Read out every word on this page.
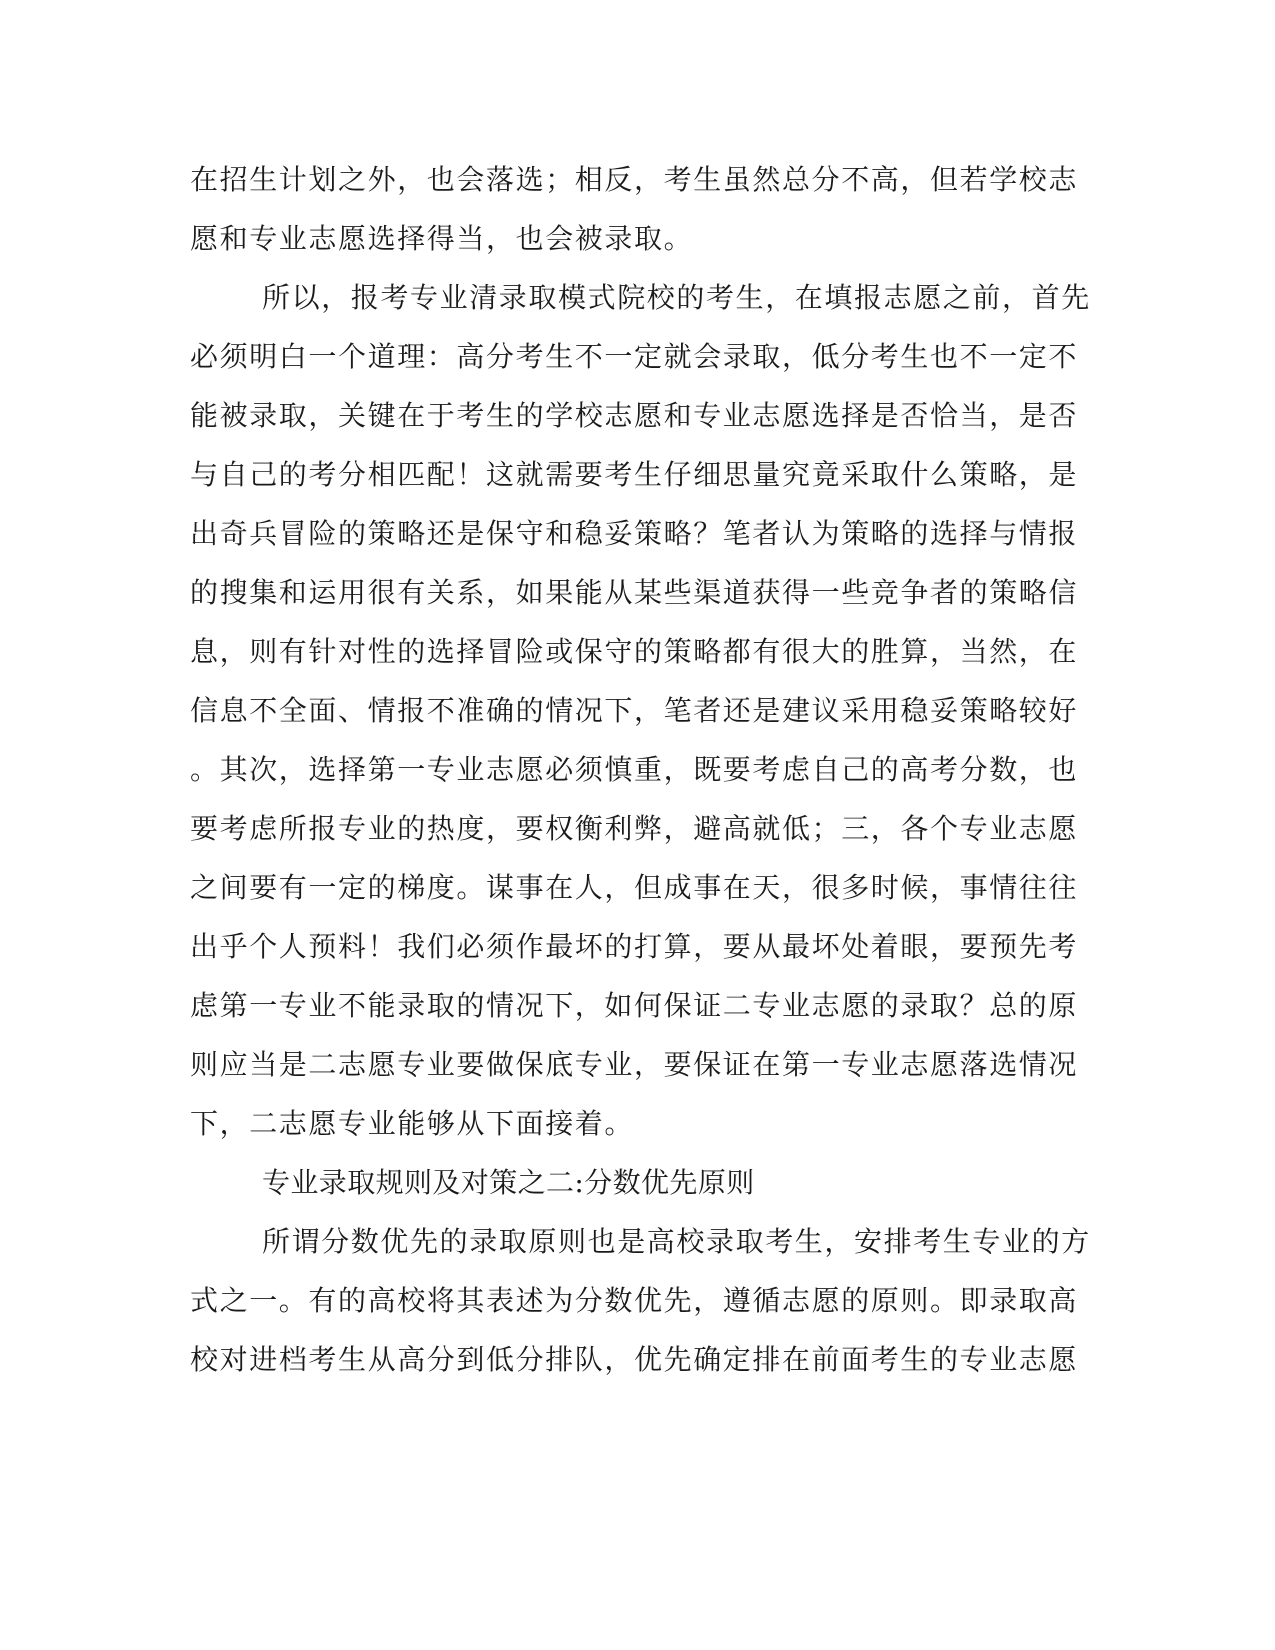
在招生计划之外，也会落选；相反，考生虽然总分不高，但若学校志
愿和专业志愿选择得当，也会被录取。
所以，报考专业清录取模式院校的考生，在填报志愿之前，首先
必须明白一个道理：高分考生不一定就会录取，低分考生也不一定不
能被录取，关键在于考生的学校志愿和专业志愿选择是否恰当，是否
与自己的考分相匹配！这就需要考生仔细思量究竟采取什么策略，是
出奇兵冒险的策略还是保守和稳妥策略？笔者认为策略的选择与情报
的搜集和运用很有关系，如果能从某些渠道获得一些竞争者的策略信
息，则有针对性的选择冒险或保守的策略都有很大的胜算，当然，在
信息不全面、情报不准确的情况下，笔者还是建议采用稳妥策略较好
。其次，选择第一专业志愿必须慎重，既要考虑自己的高考分数，也
要考虑所报专业的热度，要权衡利弊，避高就低；三，各个专业志愿
之间要有一定的梯度。谋事在人，但成事在天，很多时候，事情往往
出乎个人预料！我们必须作最坏的打算，要从最坏处着眼，要预先考
虑第一专业不能录取的情况下，如何保证二专业志愿的录取？总的原
则应当是二志愿专业要做保底专业，要保证在第一专业志愿落选情况
下，二志愿专业能够从下面接着。
专业录取规则及对策之二:分数优先原则
所谓分数优先的录取原则也是高校录取考生，安排考生专业的方
式之一。有的高校将其表述为分数优先，遵循志愿的原则。即录取高
校对进档考生从高分到低分排队，优先确定排在前面考生的专业志愿
